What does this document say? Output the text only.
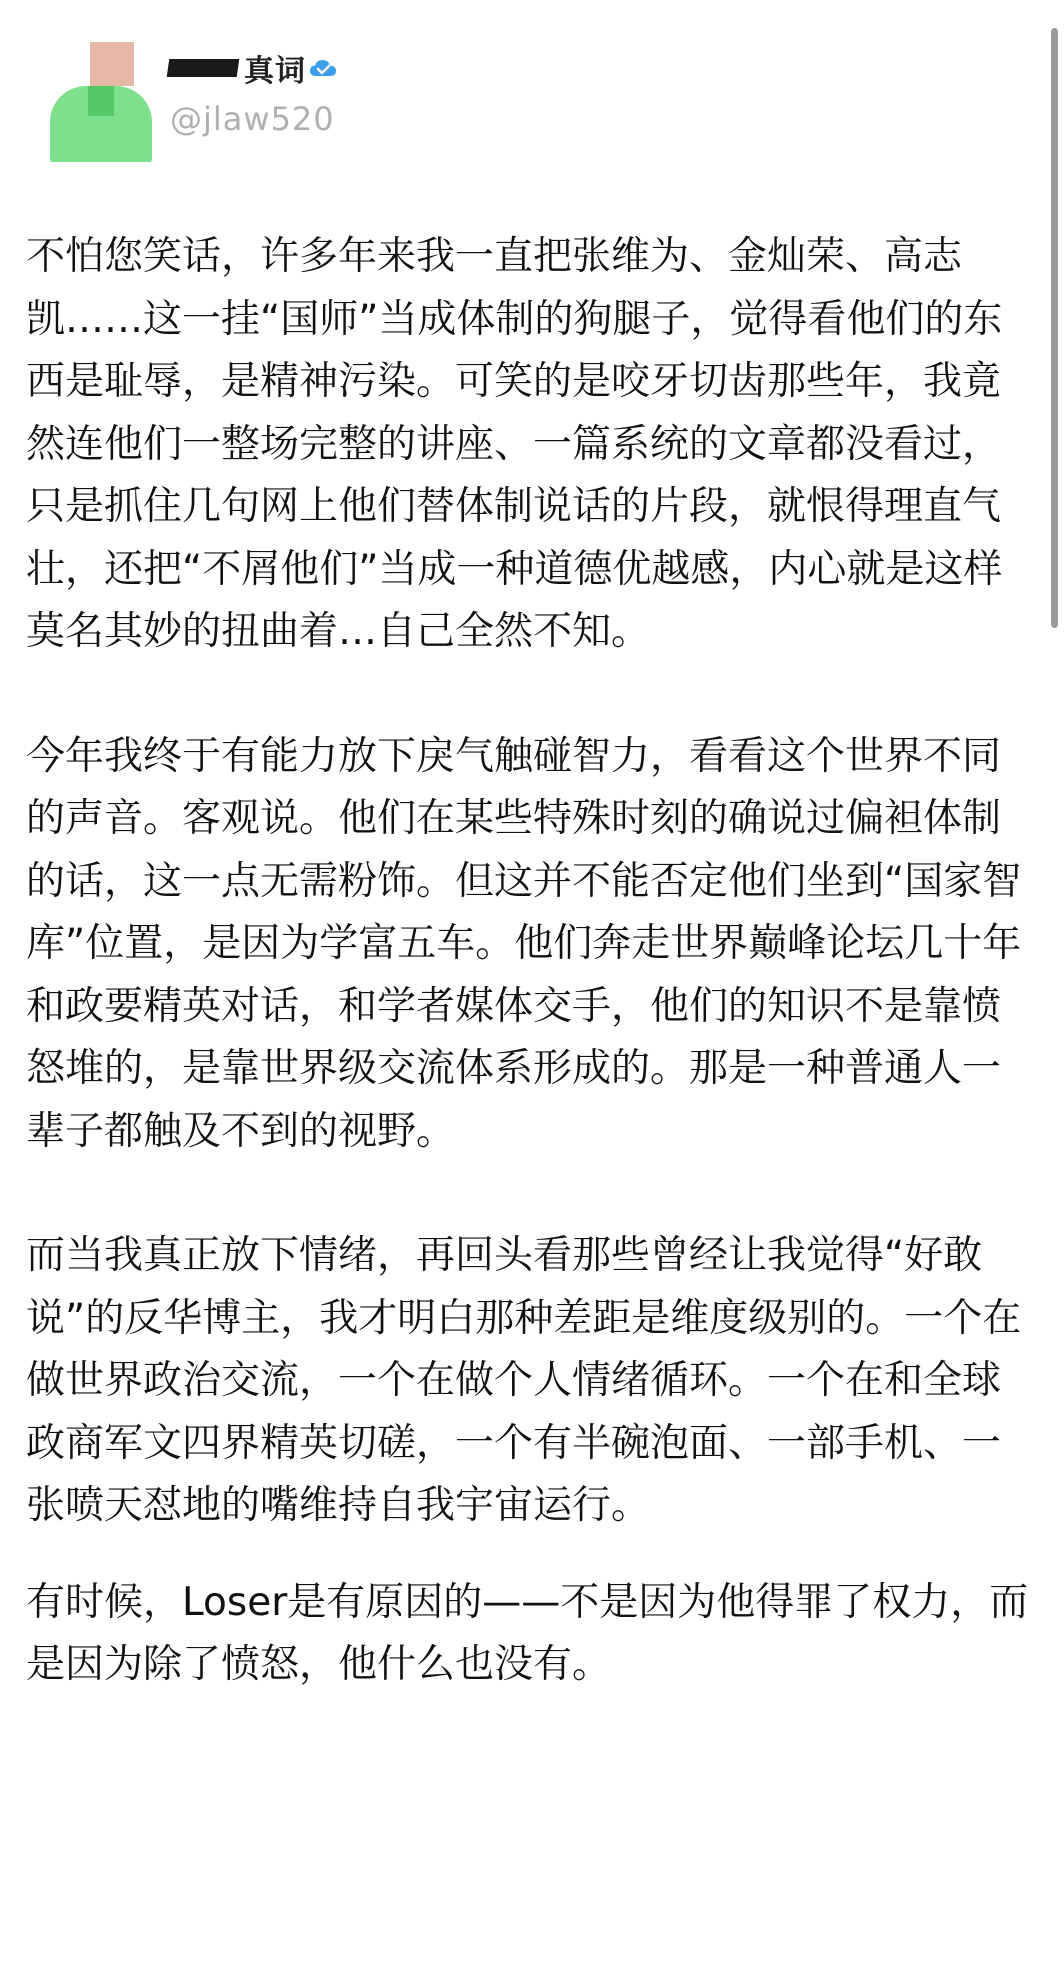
真词
@jlaw520

不怕您笑话，许多年来我一直把张维为、金灿荣、高志凯……这一挂“国师”当成体制的狗腿子，觉得看他们的东西是耻辱，是精神污染。可笑的是咬牙切齿那些年，我竟然连他们一整场完整的讲座、一篇系统的文章都没看过，只是抓住几句网上他们替体制说话的片段，就恨得理直气壮，还把“不屑他们”当成一种道德优越感，内心就是这样莫名其妙的扭曲着…自己全然不知。

今年我终于有能力放下戾气触碰智力，看看这个世界不同的声音。客观说。他们在某些特殊时刻的确说过偏袒体制的话，这一点无需粉饰。但这并不能否定他们坐到“国家智库”位置，是因为学富五车。他们奔走世界巅峰论坛几十年和政要精英对话，和学者媒体交手，他们的知识不是靠愤怒堆的，是靠世界级交流体系形成的。那是一种普通人一辈子都触及不到的视野。

而当我真正放下情绪，再回头看那些曾经让我觉得“好敢说”的反华博主，我才明白那种差距是维度级别的。一个在做世界政治交流，一个在做个人情绪循环。一个在和全球政商军文四界精英切磋，一个有半碗泡面、一部手机、一张喷天怼地的嘴维持自我宇宙运行。

有时候，Loser是有原因的——不是因为他得罪了权力，而是因为除了愤怒，他什么也没有。
